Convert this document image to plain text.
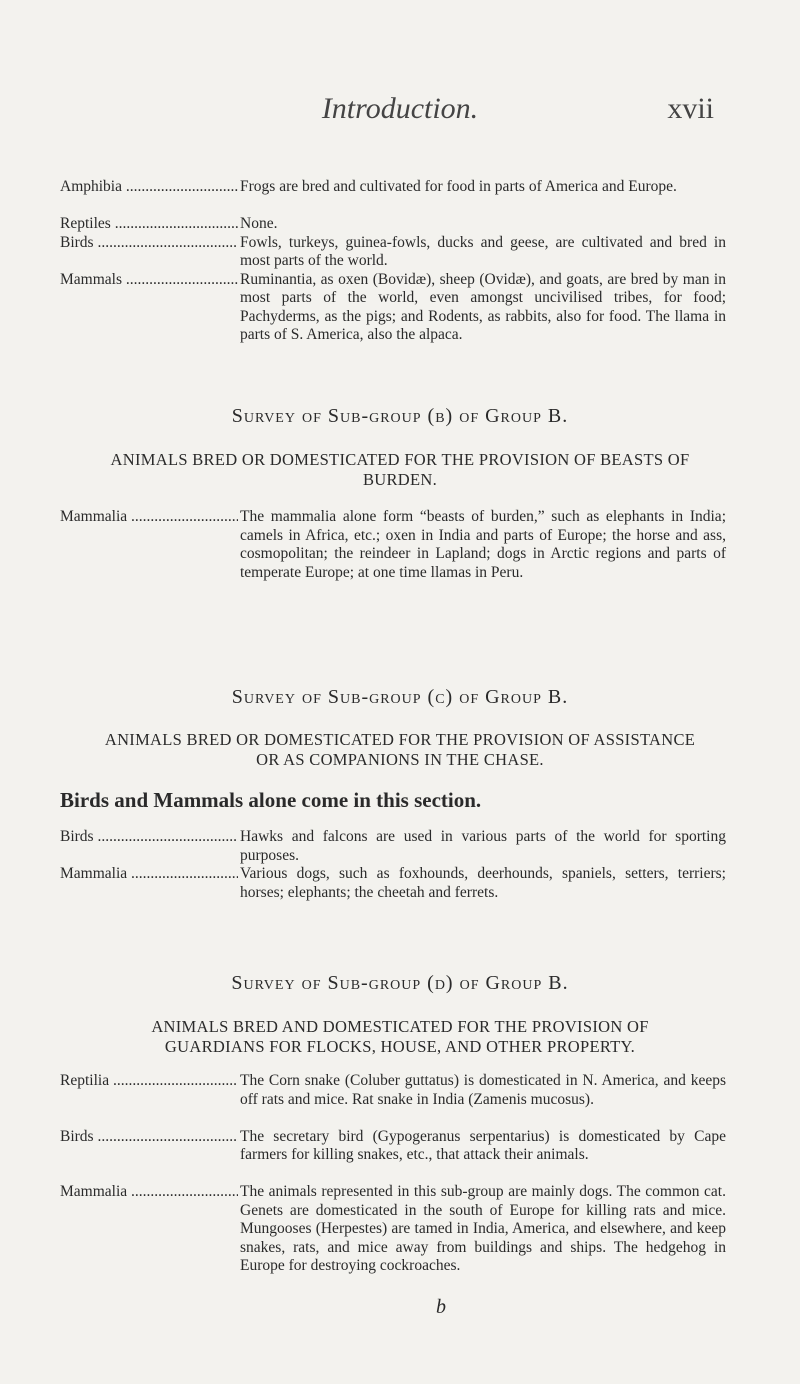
Introduction.	xvii
Amphibia .....	Frogs are bred and cultivated for food in parts of America and Europe.
Reptiles .....	None.
Birds .....	Fowls, turkeys, guinea-fowls, ducks and geese, are cultivated and bred in most parts of the world.
Mammals .....	Ruminantia, as oxen (Bovidæ), sheep (Ovidæ), and goats, are bred by man in most parts of the world, even amongst uncivilised tribes, for food; Pachyderms, as the pigs; and Rodents, as rabbits, also for food. The llama in parts of S. America, also the alpaca.
Survey of Sub-group (b) of Group B.
ANIMALS BRED OR DOMESTICATED FOR THE PROVISION OF BEASTS OF BURDEN.
Mammalia .....	The mammalia alone form “beasts of burden,” such as elephants in India; camels in Africa, etc.; oxen in India and parts of Europe; the horse and ass, cosmopolitan; the reindeer in Lapland; dogs in Arctic regions and parts of temperate Europe; at one time llamas in Peru.
Survey of Sub-group (c) of Group B.
ANIMALS BRED OR DOMESTICATED FOR THE PROVISION OF ASSISTANCE OR AS COMPANIONS IN THE CHASE.
Birds and Mammals alone come in this section.
Birds .....	Hawks and falcons are used in various parts of the world for sporting purposes.
Mammalia .....	Various dogs, such as foxhounds, deerhounds, spaniels, setters, terriers; horses; elephants; the cheetah and ferrets.
Survey of Sub-group (d) of Group B.
ANIMALS BRED AND DOMESTICATED FOR THE PROVISION OF GUARDIANS FOR FLOCKS, HOUSE, AND OTHER PROPERTY.
Reptilia .....	The Corn snake (Coluber guttatus) is domesticated in N. America, and keeps off rats and mice. Rat snake in India (Zamenis mucosus).
Birds .....	The secretary bird (Gypogeranus serpentarius) is domesticated by Cape farmers for killing snakes, etc., that attack their animals.
Mammalia .....	The animals represented in this sub-group are mainly dogs. The common cat. Genets are domesticated in the south of Europe for killing rats and mice. Mungooses (Herpestes) are tamed in India, America, and elsewhere, and keep snakes, rats, and mice away from buildings and ships. The hedgehog in Europe for destroying cockroaches.
b
